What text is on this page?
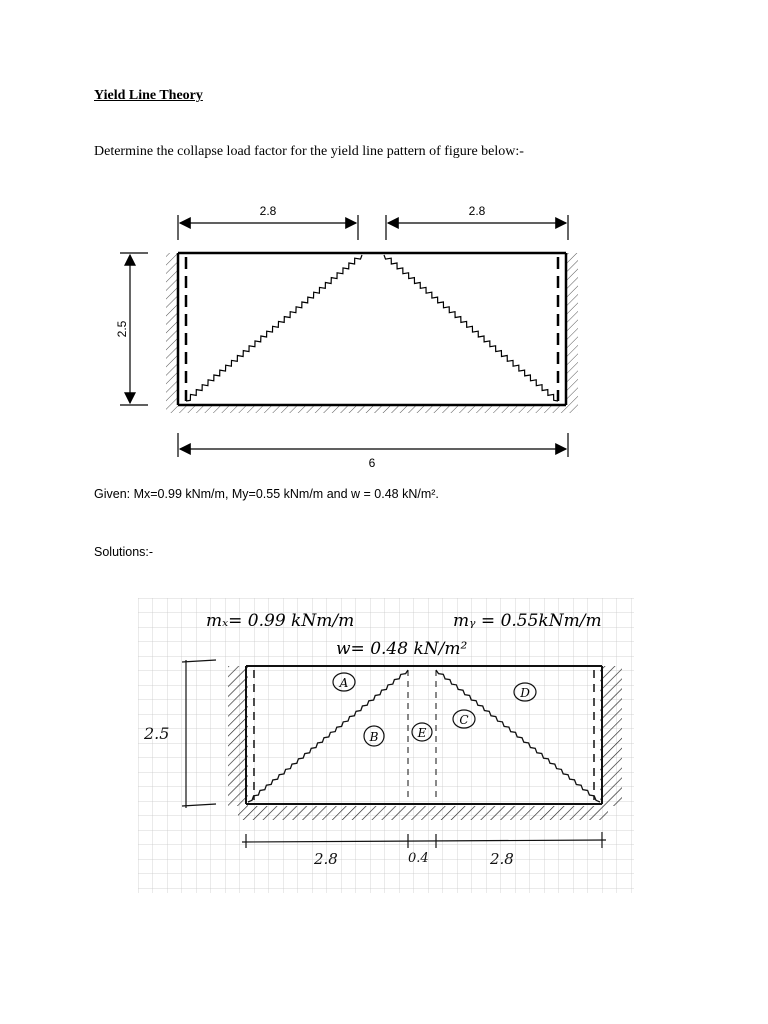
Yield Line Theory
Determine the collapse load factor for the yield line pattern of figure below:-
2.8	2.8
2.5
6
Given: Mx=0.99 kNm/m, My=0.55 kNm/m and w = 0.48 kN/m².
Solutions:-
mₓ= 0.99 kNm/m	mᵧ = 0.55kNm/m
w= 0.48 kN/m²
A
B
C
D
E
2.5
2.8	0.4	2.8
